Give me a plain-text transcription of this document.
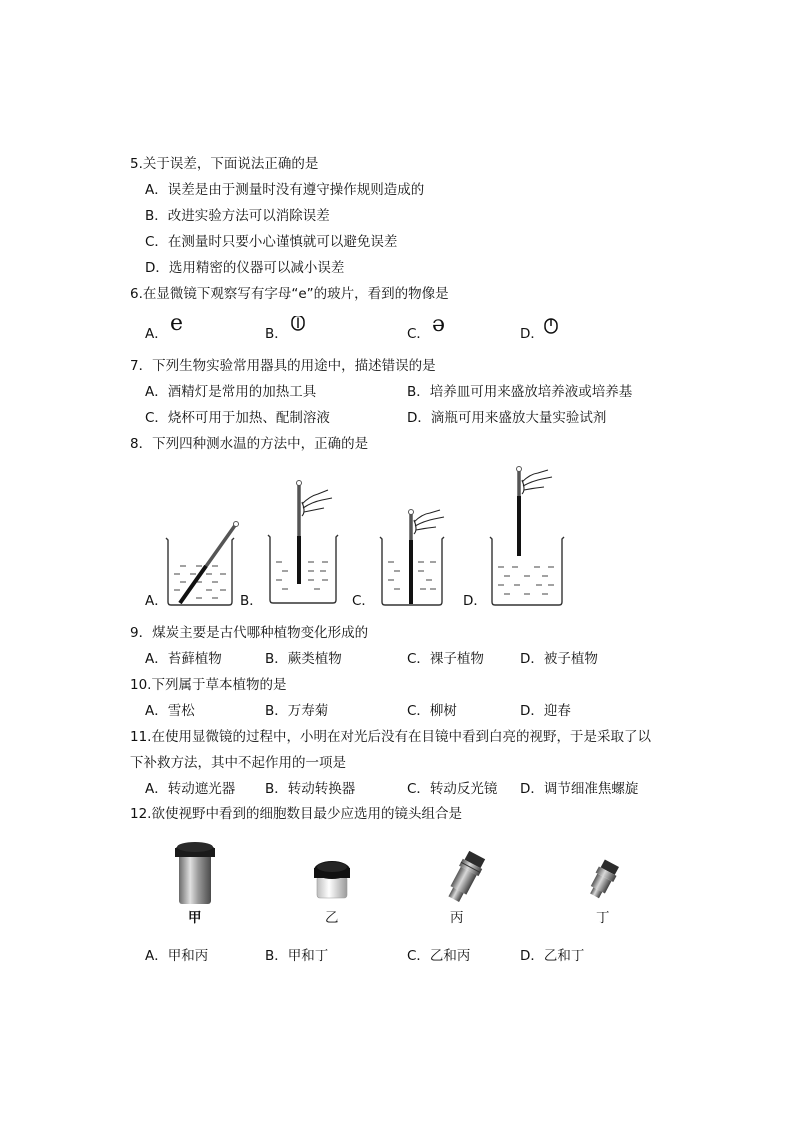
5.关于误差，下面说法正确的是
A．误差是由于测量时没有遵守操作规则造成的
B．改进实验方法可以消除误差
C．在测量时只要小心谨慎就可以避免误差
D．选用精密的仪器可以减小误差
6.在显微镜下观察写有字母“e”的玻片，看到的物像是
A． e	B．	C． ə	D．
7．下列生物实验常用器具的用途中，描述错误的是
A．酒精灯是常用的加热工具	B．培养皿可用来盛放培养液或培养基
C．烧杯可用于加热、配制溶液	D．滴瓶可用来盛放大量实验试剂
8．下列四种测水温的方法中，正确的是
A．	B．	C．	D．
9．煤炭主要是古代哪种植物变化形成的
A．苔藓植物	B．蕨类植物	C．裸子植物	D．被子植物
10.下列属于草本植物的是
A．雪松	B．万寿菊	C．柳树	D．迎春
11.在使用显微镜的过程中，小明在对光后没有在目镜中看到白亮的视野，于是采取了以
下补救方法，其中不起作用的一项是
A．转动遮光器 B．转动转换器	C．转动反光镜 D．调节细准焦螺旋
12.欲使视野中看到的细胞数目最少应选用的镜头组合是
甲	乙	丙	丁
A．甲和丙	B．甲和丁	C．乙和丙	D．乙和丁
